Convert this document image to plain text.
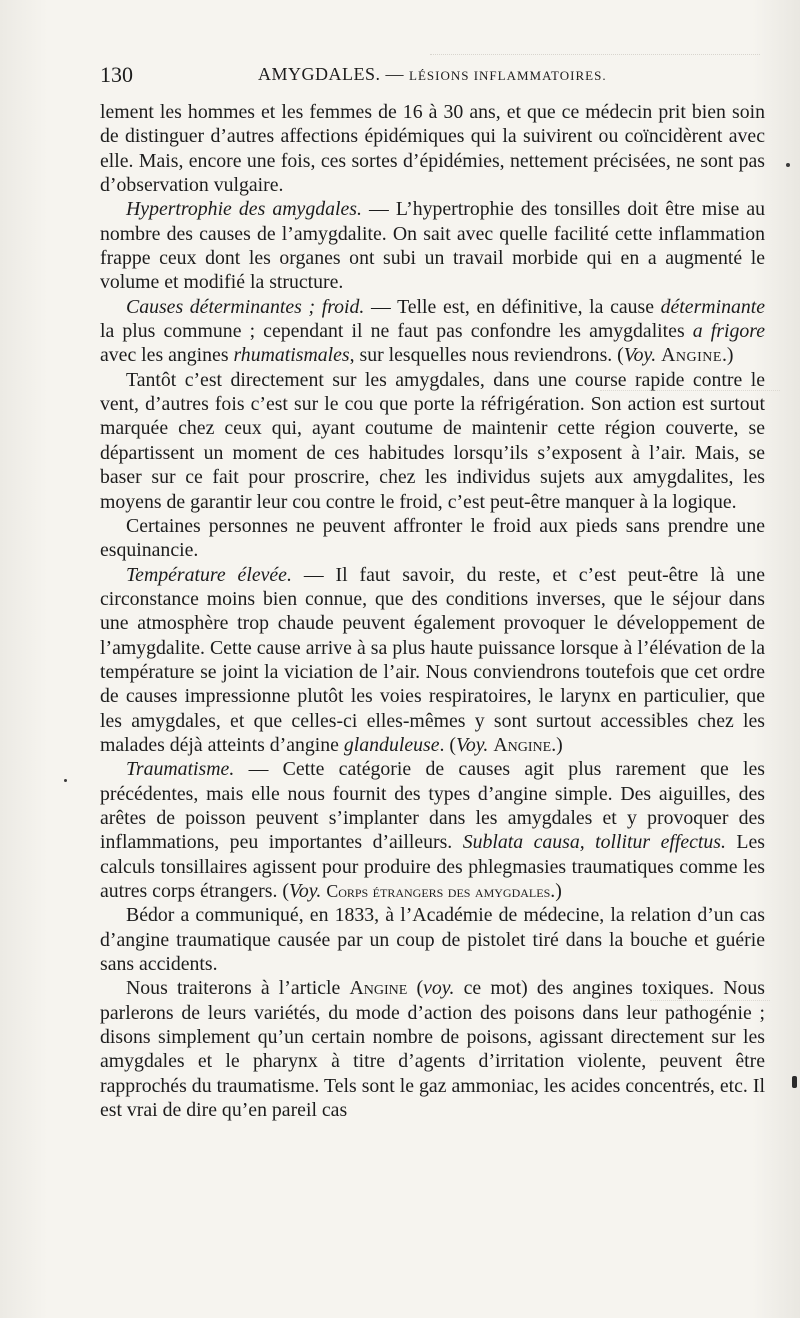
130	AMYGDALES. — LÉSIONS INFLAMMATOIRES.

lement les hommes et les femmes de 16 à 30 ans, et que ce médecin prit bien soin de distinguer d’autres affections épidémiques qui la suivirent ou coïncidèrent avec elle. Mais, encore une fois, ces sortes d’épidémies, nettement précisées, ne sont pas d’observation vulgaire.

Hypertrophie des amygdales. — L’hypertrophie des tonsilles doit être mise au nombre des causes de l’amygdalite. On sait avec quelle facilité cette inflammation frappe ceux dont les organes ont subi un travail morbide qui en a augmenté le volume et modifié la structure.

Causes déterminantes ; froid. — Telle est, en définitive, la cause déterminante la plus commune ; cependant il ne faut pas confondre les amygdalites a frigore avec les angines rhumatismales, sur lesquelles nous reviendrons. (Voy. Angine.)

Tantôt c’est directement sur les amygdales, dans une course rapide contre le vent, d’autres fois c’est sur le cou que porte la réfrigération. Son action est surtout marquée chez ceux qui, ayant coutume de maintenir cette région couverte, se départissent un moment de ces habitudes lorsqu’ils s’exposent à l’air. Mais, se baser sur ce fait pour proscrire, chez les individus sujets aux amygdalites, les moyens de garantir leur cou contre le froid, c’est peut-être manquer à la logique.

Certaines personnes ne peuvent affronter le froid aux pieds sans prendre une esquinancie.

Température élevée. — Il faut savoir, du reste, et c’est peut-être là une circonstance moins bien connue, que des conditions inverses, que le séjour dans une atmosphère trop chaude peuvent également provoquer le développement de l’amygdalite. Cette cause arrive à sa plus haute puissance lorsque à l’élévation de la température se joint la viciation de l’air. Nous conviendrons toutefois que cet ordre de causes impressionne plutôt les voies respiratoires, le larynx en particulier, que les amygdales, et que celles-ci elles-mêmes y sont surtout accessibles chez les malades déjà atteints d’angine glanduleuse. (Voy. Angine.)

Traumatisme. — Cette catégorie de causes agit plus rarement que les précédentes, mais elle nous fournit des types d’angine simple. Des aiguilles, des arêtes de poisson peuvent s’implanter dans les amygdales et y provoquer des inflammations, peu importantes d’ailleurs. Sublata causa, tollitur effectus. Les calculs tonsillaires agissent pour produire des phlegmasies traumatiques comme les autres corps étrangers. (Voy. Corps étrangers des amygdales.)

Bédor a communiqué, en 1833, à l’Académie de médecine, la relation d’un cas d’angine traumatique causée par un coup de pistolet tiré dans la bouche et guérie sans accidents.

Nous traiterons à l’article Angine (voy. ce mot) des angines toxiques. Nous parlerons de leurs variétés, du mode d’action des poisons dans leur pathogénie ; disons simplement qu’un certain nombre de poisons, agissant directement sur les amygdales et le pharynx à titre d’agents d’irritation violente, peuvent être rapprochés du traumatisme. Tels sont le gaz ammoniac, les acides concentrés, etc. Il est vrai de dire qu’en pareil cas
